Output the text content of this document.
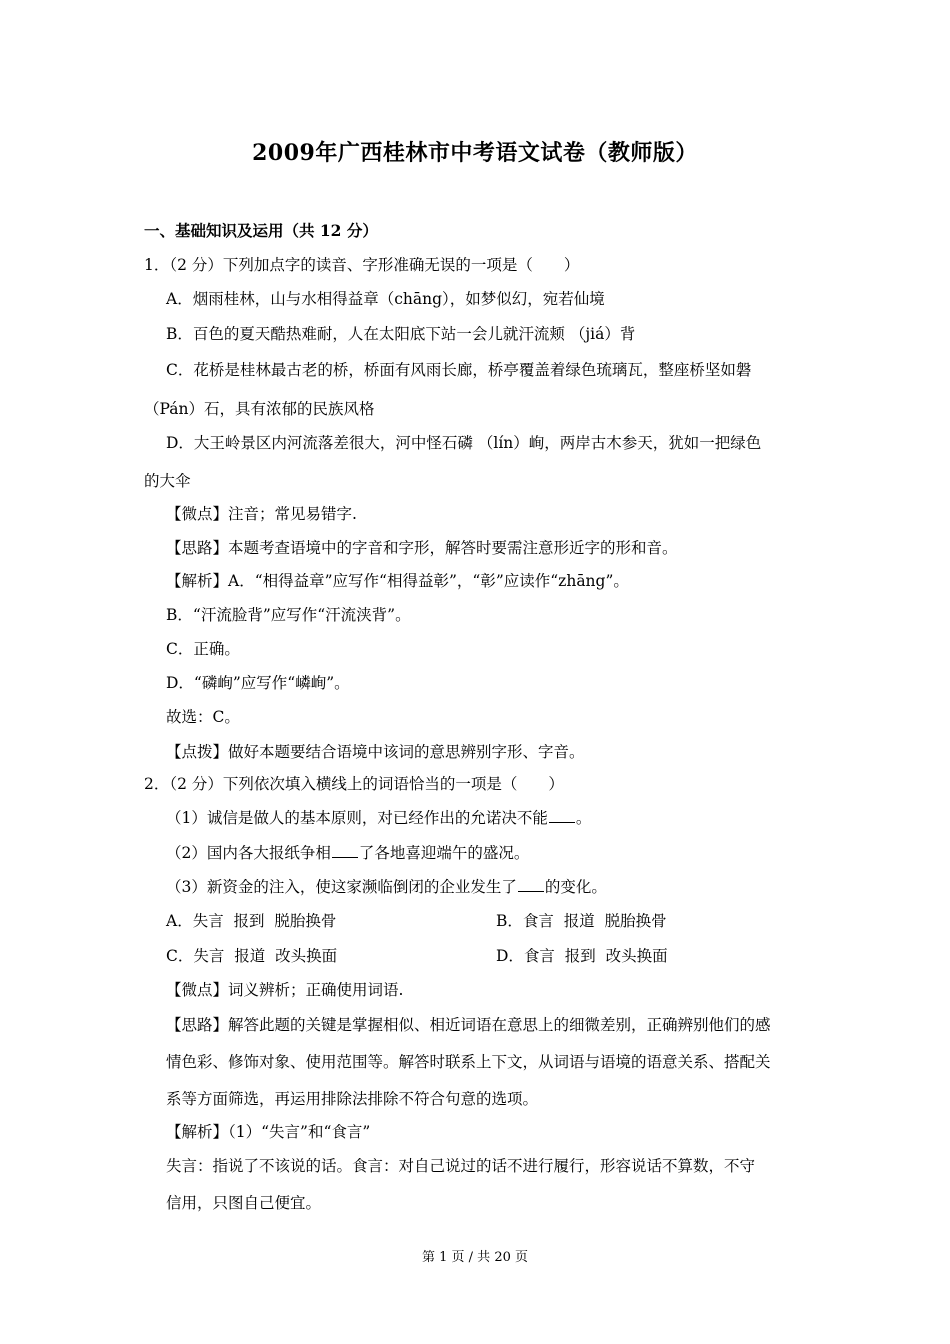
2009年广西桂林市中考语文试卷（教师版）
一、基础知识及运用（共 12 分）
1．（2 分）下列加点字的读音、字形准确无误的一项是（　　）
A．烟雨桂林，山与水相得益章（chāng），如梦似幻，宛若仙境
B．百色的夏天酷热难耐，人在太阳底下站一会儿就汗流颊 （jiá）背
C．花桥是桂林最古老的桥，桥面有风雨长廊，桥亭覆盖着绿色琉璃瓦，整座桥坚如磐
（Pán）石，具有浓郁的民族风格
D．大王岭景区内河流落差很大，河中怪石磷 （lín）峋，两岸古木参天，犹如一把绿色
的大伞
【微点】注音；常见易错字.
【思路】本题考查语境中的字音和字形，解答时要需注意形近字的形和音。
【解析】A．“相得益章”应写作“相得益彰”，“彰”应读作“zhāng”。
B．“汗流脸背”应写作“汗流浃背”。
C．正确。
D．“磷峋”应写作“嶙峋”。
故选：C。
【点拨】做好本题要结合语境中该词的意思辨别字形、字音。
2．（2 分）下列依次填入横线上的词语恰当的一项是（　　）
（1）诚信是做人的基本原则，对已经作出的允诺决不能 。
（2）国内各大报纸争相 了各地喜迎端午的盛况。
（3）新资金的注入，使这家濒临倒闭的企业发生了 的变化。
A．失言  报到  脱胎换骨	B．食言  报道  脱胎换骨
C．失言  报道  改头换面	D．食言  报到  改头换面
【微点】词义辨析；正确使用词语.
【思路】解答此题的关键是掌握相似、相近词语在意思上的细微差别，正确辨别他们的感
情色彩、修饰对象、使用范围等。解答时联系上下文，从词语与语境的语意关系、搭配关
系等方面筛选，再运用排除法排除不符合句意的选项。
【解析】（1）“失言”和“食言”
失言：指说了不该说的话。食言：对自己说过的话不进行履行，形容说话不算数，不守
信用，只图自己便宜。
第 1 页 / 共 20 页
